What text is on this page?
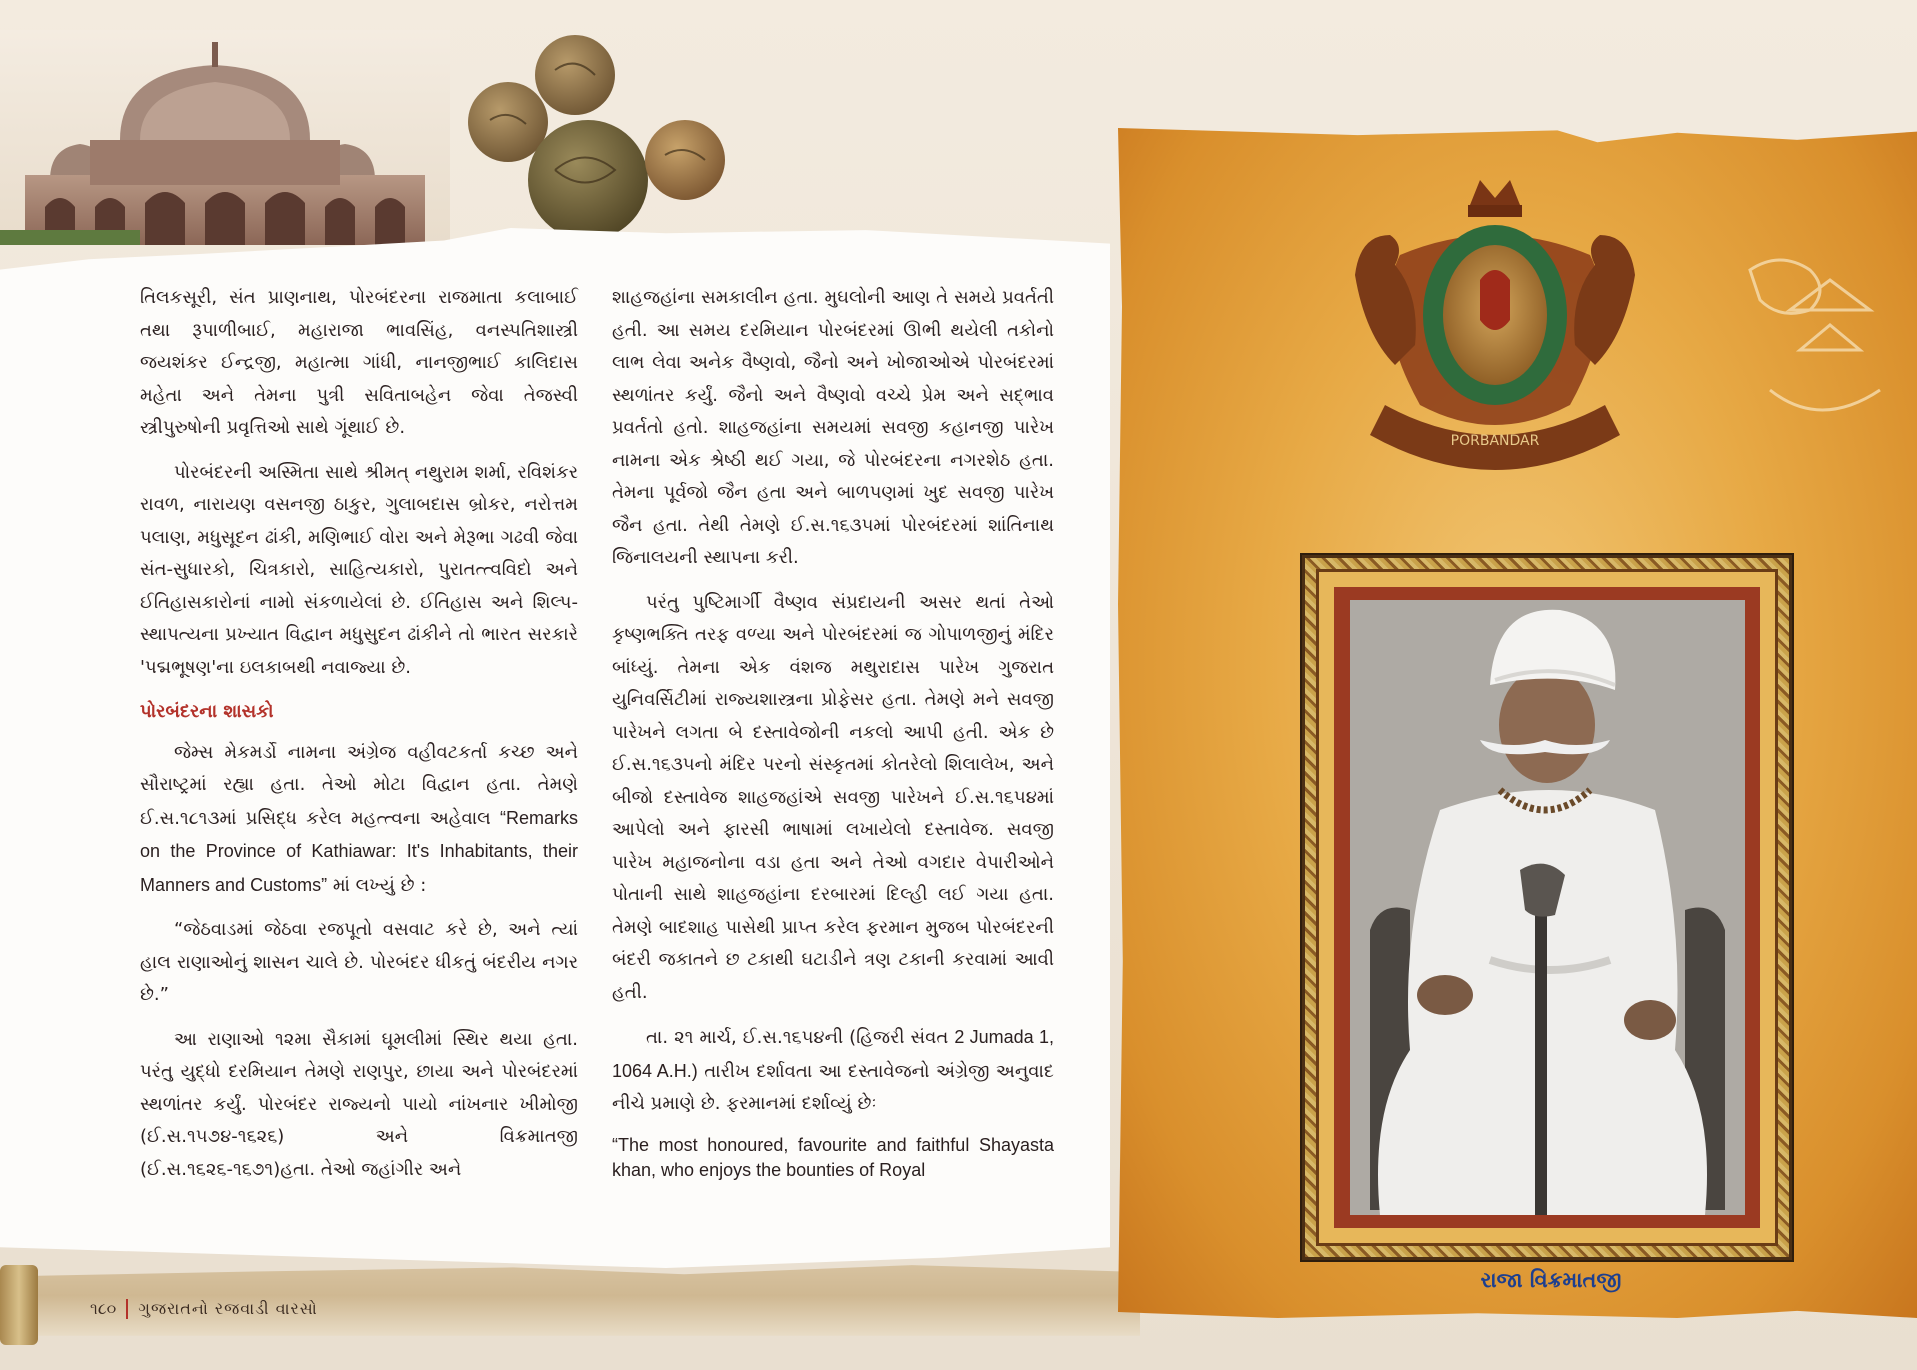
તિલકસૂરી, સંત પ્રાણનાથ, પોરબંદરના રાજમાતા કલાબાઈ તથા રૂપાળીબાઈ, મહારાજા ભાવસિંહ, વનસ્પતિશાસ્ત્રી જયશંકર ઈન્દ્રજી, મહાત્મા ગાંધી, નાનજીભાઈ કાલિદાસ મહેતા અને તેમના પુત્રી સવિતાબહેન જેવા તેજસ્વી સ્ત્રીપુરુષોની પ્રવૃત્તિઓ સાથે ગૂંથાઈ છે.

પોરબંદરની અસ્મિતા સાથે શ્રીમત્ નથુરામ શર્મા, રવિશંકર રાવળ, નારાયણ વસનજી ઠાકુર, ગુલાબદાસ બ્રોકર, નરોત્તમ પલાણ, મધુસૂદન ઢાંકી, મણિભાઈ વોરા અને મેરૂભા ગઢવી જેવા સંત-સુધારકો, ચિત્રકારો, સાહિત્યકારો, પુરાતત્ત્વવિદો અને ઈતિહાસકારોનાં નામો સંકળાયેલાં છે. ઈતિહાસ અને શિલ્પ-સ્થાપત્યના પ્રખ્યાત વિદ્વાન મધુસુદન ઢાંકીને તો ભારત સરકારે 'પદ્મભૂષણ'ના ઇલકાબથી નવાજ્યા છે.

પોરબંદરના શાસકો

જેમ્સ મેકમર્ડો નામના અંગ્રેજ વહીવટકર્તા કચ્છ અને સૌરાષ્ટ્રમાં રહ્યા હતા. તેઓ મોટા વિદ્વાન હતા. તેમણે ઈ.સ.૧૮૧૩માં પ્રસિદ્ધ કરેલ મહત્ત્વના અહેવાલ “Remarks on the Province of Kathiawar: It's Inhabitants, their Manners and Customs” માં લખ્યું છે :

“જેઠવાડમાં જેઠવા રજપૂતો વસવાટ કરે છે, અને ત્યાં હાલ રાણાઓનું શાસન ચાલે છે. પોરબંદર ધીકતું બંદરીય નગર છે.”

આ રાણાઓ ૧૨મા સૈકામાં ઘૂમલીમાં સ્થિર થયા હતા. પરંતુ યુદ્ધો દરમિયાન તેમણે રાણપુર, છાયા અને પોરબંદરમાં સ્થળાંતર કર્યું. પોરબંદર રાજ્યનો પાયો નાંખનાર ખીમોજી (ઈ.સ.૧૫૭૪-૧૬૨૬) અને વિક્રમાતજી (ઈ.સ.૧૬૨૬-૧૬૭૧)હતા. તેઓ જહાંગીર અને

શાહજહાંના સમકાલીન હતા. મુઘલોની આણ તે સમયે પ્રવર્તતી હતી. આ સમય દરમિયાન પોરબંદરમાં ઊભી થયેલી તકોનો લાભ લેવા અનેક વૈષ્ણવો, જૈનો અને ખોજાઓએ પોરબંદરમાં સ્થળાંતર કર્યું. જૈનો અને વૈષ્ણવો વચ્ચે પ્રેમ અને સદ્ભાવ પ્રવર્તતો હતો. શાહજહાંના સમયમાં સવજી કહાનજી પારેખ નામના એક શ્રેષ્ઠી થઈ ગયા, જે પોરબંદરના નગરશેઠ હતા. તેમના પૂર્વજો જૈન હતા અને બાળપણમાં ખુદ સવજી પારેખ જૈન હતા. તેથી તેમણે ઈ.સ.૧૬૩૫માં પોરબંદરમાં શાંતિનાથ જિનાલયની સ્થાપના કરી.

પરંતુ પુષ્ટિમાર્ગી વૈષ્ણવ સંપ્રદાયની અસર થતાં તેઓ કૃષ્ણભક્તિ તરફ વળ્યા અને પોરબંદરમાં જ ગોપાળજીનું મંદિર બાંધ્યું. તેમના એક વંશજ મથુરાદાસ પારેખ ગુજરાત યુનિવર્સિટીમાં રાજ્યશાસ્ત્રના પ્રોફેસર હતા. તેમણે મને સવજી પારેખને લગતા બે દસ્તાવેજોની નકલો આપી હતી. એક છે ઈ.સ.૧૬૩૫નો મંદિર પરનો સંસ્કૃતમાં કોતરેલો શિલાલેખ, અને બીજો દસ્તાવેજ શાહજહાંએ સવજી પારેખને ઈ.સ.૧૬૫૪માં આપેલો અને ફારસી ભાષામાં લખાયેલો દસ્તાવેજ. સવજી પારેખ મહાજનોના વડા હતા અને તેઓ વગદાર વેપારીઓને પોતાની સાથે શાહજહાંના દરબારમાં દિલ્હી લઈ ગયા હતા. તેમણે બાદશાહ પાસેથી પ્રાપ્ત કરેલ ફરમાન મુજબ પોરબંદરની બંદરી જકાતને છ ટકાથી ઘટાડીને ત્રણ ટકાની કરવામાં આવી હતી.

તા. ૨૧ માર્ચ, ઈ.સ.૧૬૫૪ની (હિજરી સંવત 2 Jumada 1, 1064 A.H.) તારીખ દર્શાવતા આ દસ્તાવેજનો અંગ્રેજી અનુવાદ નીચે પ્રમાણે છે. ફરમાનમાં દર્શાવ્યું છેઃ

“The most honoured, favourite and faithful Shayasta khan, who enjoys the bounties of Royal

૧૮૦	ગુજરાતનો રજવાડી વારસો
PORBANDAR
રાજા વિક્રમાતજી
